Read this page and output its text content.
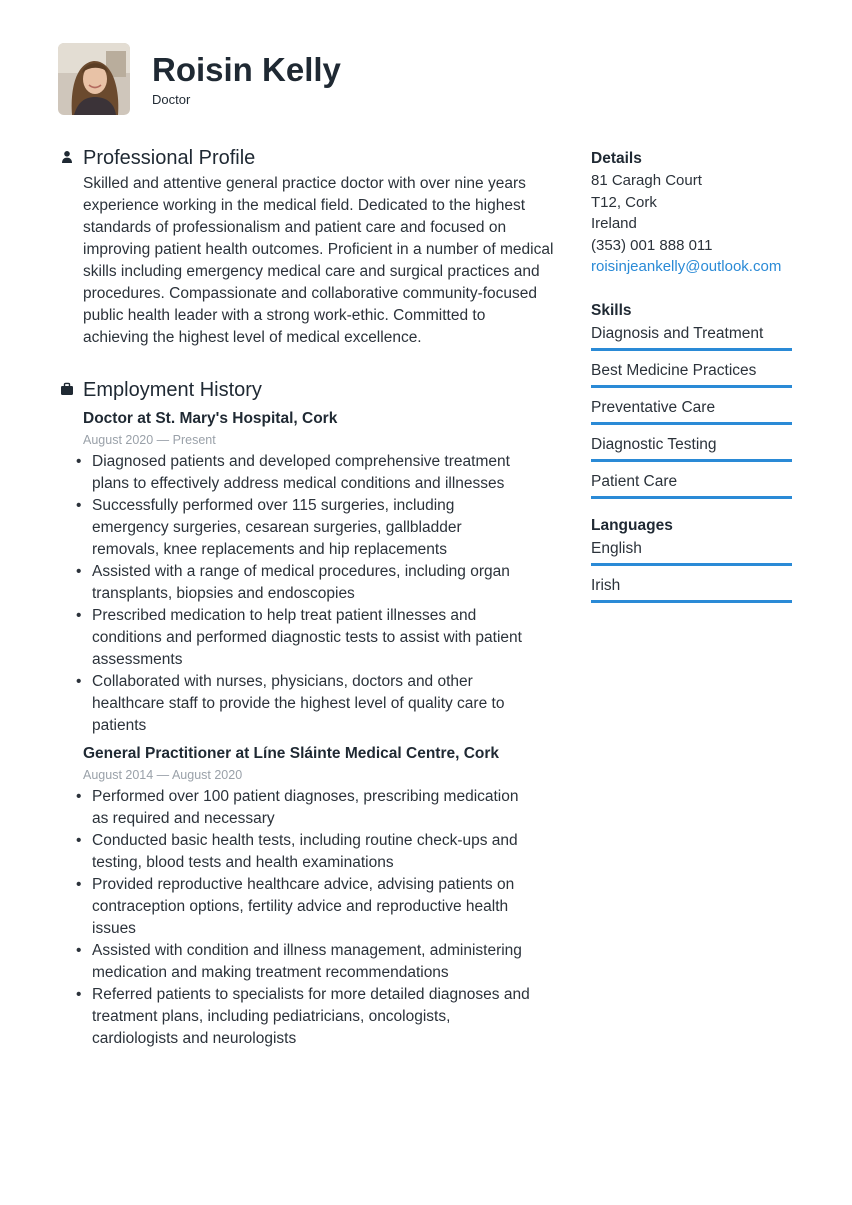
Roisin Kelly
Doctor
Professional Profile
Skilled and attentive general practice doctor with over nine years experience working in the medical field. Dedicated to the highest standards of professionalism and patient care and focused on improving patient health outcomes. Proficient in a number of medical skills including emergency medical care and surgical practices and procedures. Compassionate and collaborative community-focused public health leader with a strong work-ethic. Committed to achieving the highest level of medical excellence.
Employment History
Doctor at St. Mary's Hospital, Cork
August 2020 — Present
• Diagnosed patients and developed comprehensive treatment plans to effectively address medical conditions and illnesses
• Successfully performed over 115 surgeries, including emergency surgeries, cesarean surgeries, gallbladder removals, knee replacements and hip replacements
• Assisted with a range of medical procedures, including organ transplants, biopsies and endoscopies
• Prescribed medication to help treat patient illnesses and conditions and performed diagnostic tests to assist with patient assessments
• Collaborated with nurses, physicians, doctors and other healthcare staff to provide the highest level of quality care to patients
General Practitioner at Líne Sláinte Medical Centre, Cork
August 2014 — August 2020
• Performed over 100 patient diagnoses, prescribing medication as required and necessary
• Conducted basic health tests, including routine check-ups and testing, blood tests and health examinations
• Provided reproductive healthcare advice, advising patients on contraception options, fertility advice and reproductive health issues
• Assisted with condition and illness management, administering medication and making treatment recommendations
• Referred patients to specialists for more detailed diagnoses and treatment plans, including pediatricians, oncologists, cardiologists and neurologists
Details
81 Caragh Court
T12, Cork
Ireland
(353) 001 888 011
roisinjeankelly@outlook.com
Skills
Diagnosis and Treatment
Best Medicine Practices
Preventative Care
Diagnostic Testing
Patient Care
Languages
English
Irish
